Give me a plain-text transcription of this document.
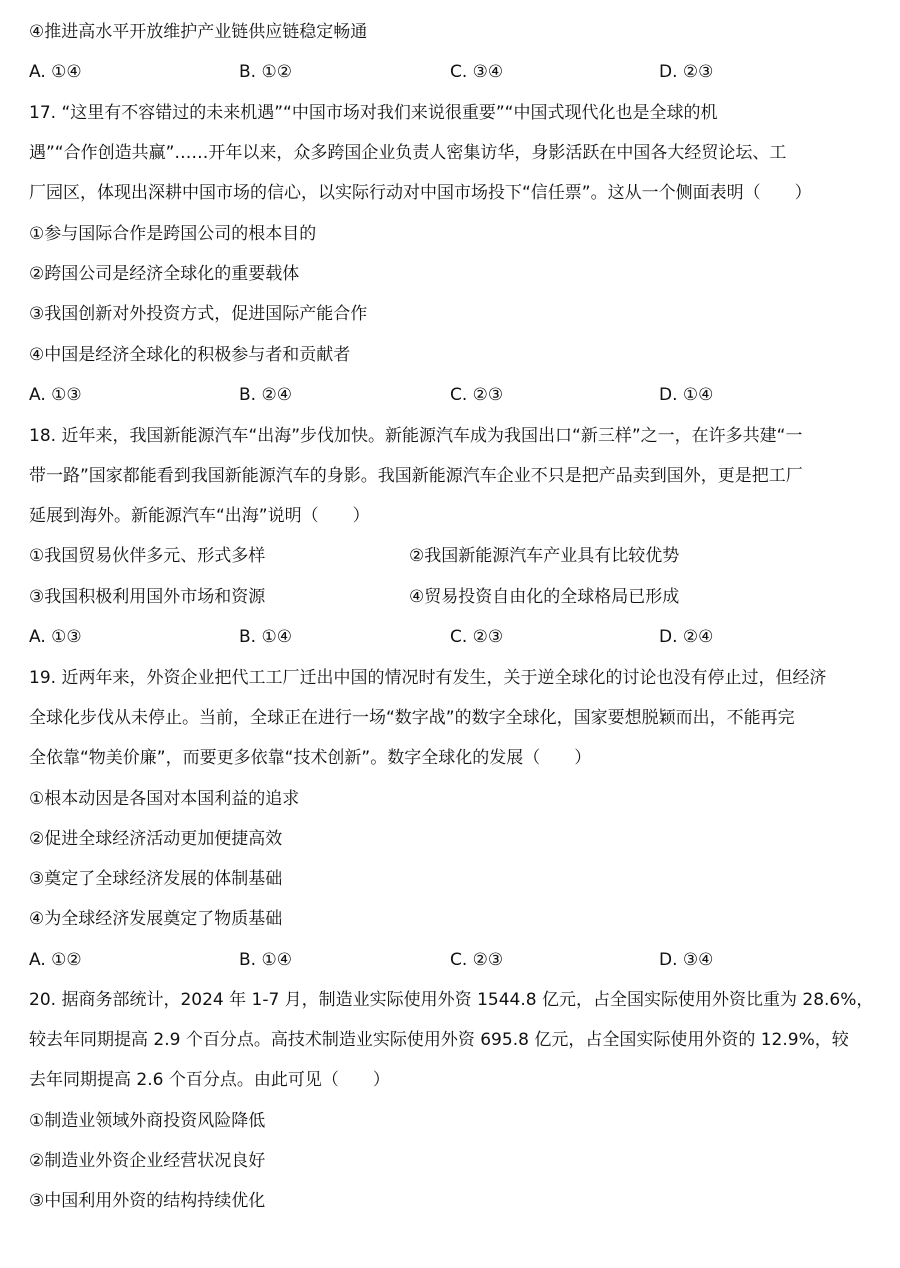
④推进高水平开放维护产业链供应链稳定畅通
A. ①④	B. ①②	C. ③④	D. ②③
17. “这里有不容错过的未来机遇”“中国市场对我们来说很重要”“中国式现代化也是全球的机
遇”“合作创造共赢”……开年以来，众多跨国企业负责人密集访华，身影活跃在中国各大经贸论坛、工
厂园区，体现出深耕中国市场的信心，以实际行动对中国市场投下“信任票”。这从一个侧面表明（　　）
①参与国际合作是跨国公司的根本目的
②跨国公司是经济全球化的重要载体
③我国创新对外投资方式，促进国际产能合作
④中国是经济全球化的积极参与者和贡献者
A. ①③	B. ②④	C. ②③	D. ①④
18. 近年来，我国新能源汽车“出海”步伐加快。新能源汽车成为我国出口“新三样”之一，在许多共建“一
带一路”国家都能看到我国新能源汽车的身影。我国新能源汽车企业不只是把产品卖到国外，更是把工厂
延展到海外。新能源汽车“出海”说明（　　）
①我国贸易伙伴多元、形式多样	②我国新能源汽车产业具有比较优势
③我国积极利用国外市场和资源	④贸易投资自由化的全球格局已形成
A. ①③	B. ①④	C. ②③	D. ②④
19. 近两年来，外资企业把代工工厂迁出中国的情况时有发生，关于逆全球化的讨论也没有停止过，但经济
全球化步伐从未停止。当前，全球正在进行一场“数字战”的数字全球化，国家要想脱颖而出，不能再完
全依靠“物美价廉”，而要更多依靠“技术创新”。数字全球化的发展（　　）
①根本动因是各国对本国利益的追求
②促进全球经济活动更加便捷高效
③奠定了全球经济发展的体制基础
④为全球经济发展奠定了物质基础
A. ①②	B. ①④	C. ②③	D. ③④
20. 据商务部统计，2024 年 1-7 月，制造业实际使用外资 1544.8 亿元，占全国实际使用外资比重为 28.6%，
较去年同期提高 2.9 个百分点。高技术制造业实际使用外资 695.8 亿元，占全国实际使用外资的 12.9%，较
去年同期提高 2.6 个百分点。由此可见（　　）
①制造业领域外商投资风险降低
②制造业外资企业经营状况良好
③中国利用外资的结构持续优化
